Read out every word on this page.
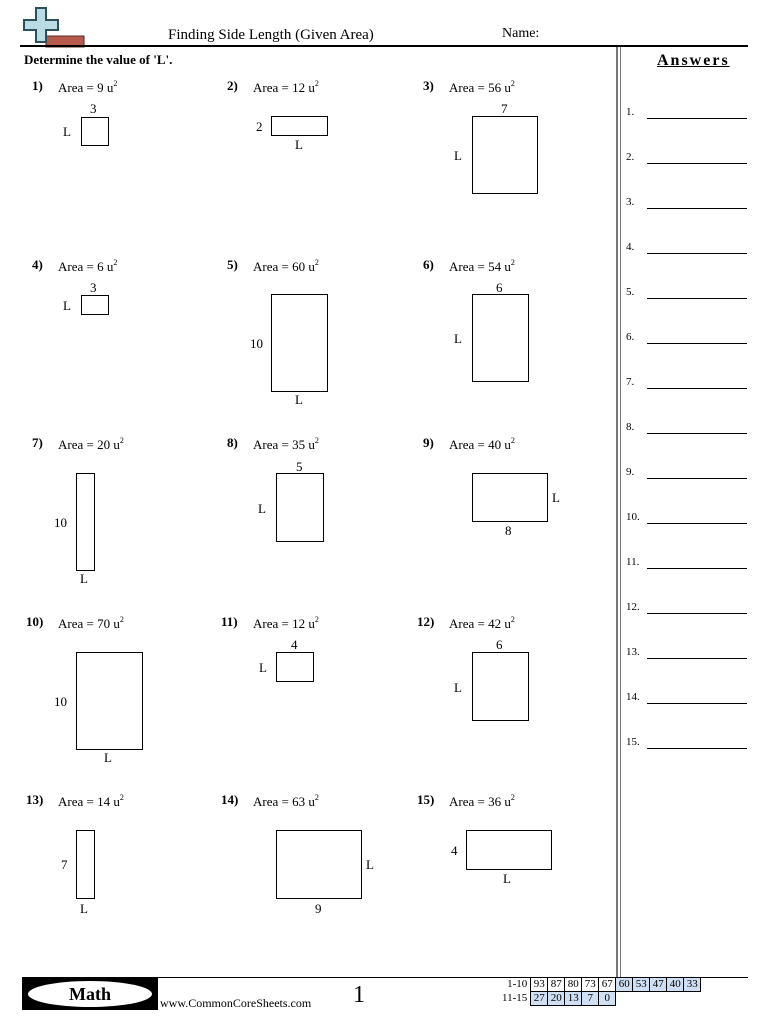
Finding Side Length (Given Area)	Name:
Determine the value of 'L'.	Answers
1.
2.
3.
4.
5.
6.
7.
8.
9.
10.
11.
12.
13.
14.
15.
1) Area = 9 $u^2$
3
L
2) Area = 12 $u^2$
2
L
3) Area = 56 $u^2$
7
L
4) Area = 6 $u^2$
3
L
5) Area = 60 $u^2$
10
L
6) Area = 54 $u^2$
6
L
7) Area = 20 $u^2$
10
L
8) Area = 35 $u^2$
5
L
9) Area = 40 $u^2$
L
8
10) Area = 70 $u^2$
10
L
11) Area = 12 $u^2$
4
L
12) Area = 42 $u^2$
6
L
13) Area = 14 $u^2$
7
L
14) Area = 63 $u^2$
L
9
15) Area = 36 $u^2$
4
L
Math	www.CommonCoreSheets.com 1	1-10	93	87	80	73	67	60	53	47	40	33
11-15	27	20	13	7	0					
